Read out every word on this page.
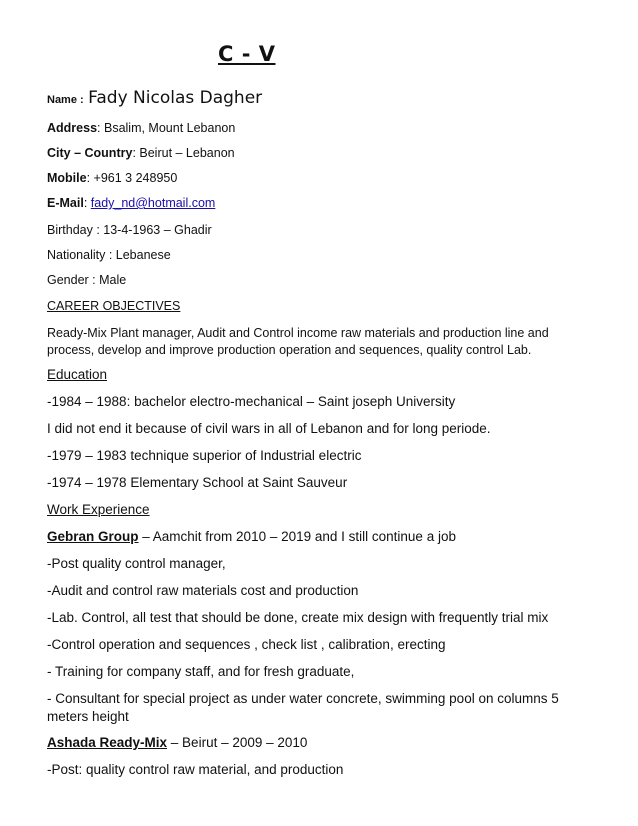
C - V
Name : Fady Nicolas Dagher
Address: Bsalim, Mount Lebanon
City – Country: Beirut – Lebanon
Mobile: +961 3 248950
E-Mail: fady_nd@hotmail.com
Birthday : 13-4-1963 – Ghadir
Nationality : Lebanese
Gender : Male
CAREER OBJECTIVES
Ready-Mix Plant manager, Audit and Control income raw materials and production line and process, develop and improve production operation and sequences, quality control Lab.
Education
-1984 – 1988: bachelor electro-mechanical – Saint joseph University
I did not end it because of civil wars in all of Lebanon and for long periode.
-1979 – 1983 technique superior of Industrial electric
-1974 – 1978 Elementary School at Saint Sauveur
Work Experience
Gebran Group – Aamchit from 2010 – 2019 and I still continue a job
-Post quality control manager,
-Audit and control raw materials cost and production
-Lab. Control, all test that should be done, create mix design with frequently trial mix
-Control operation and sequences , check list , calibration, erecting
- Training for company staff, and for fresh graduate,
- Consultant for special project as under water concrete, swimming pool on columns 5 meters height
Ashada Ready-Mix – Beirut – 2009 – 2010
-Post: quality control raw material, and production
